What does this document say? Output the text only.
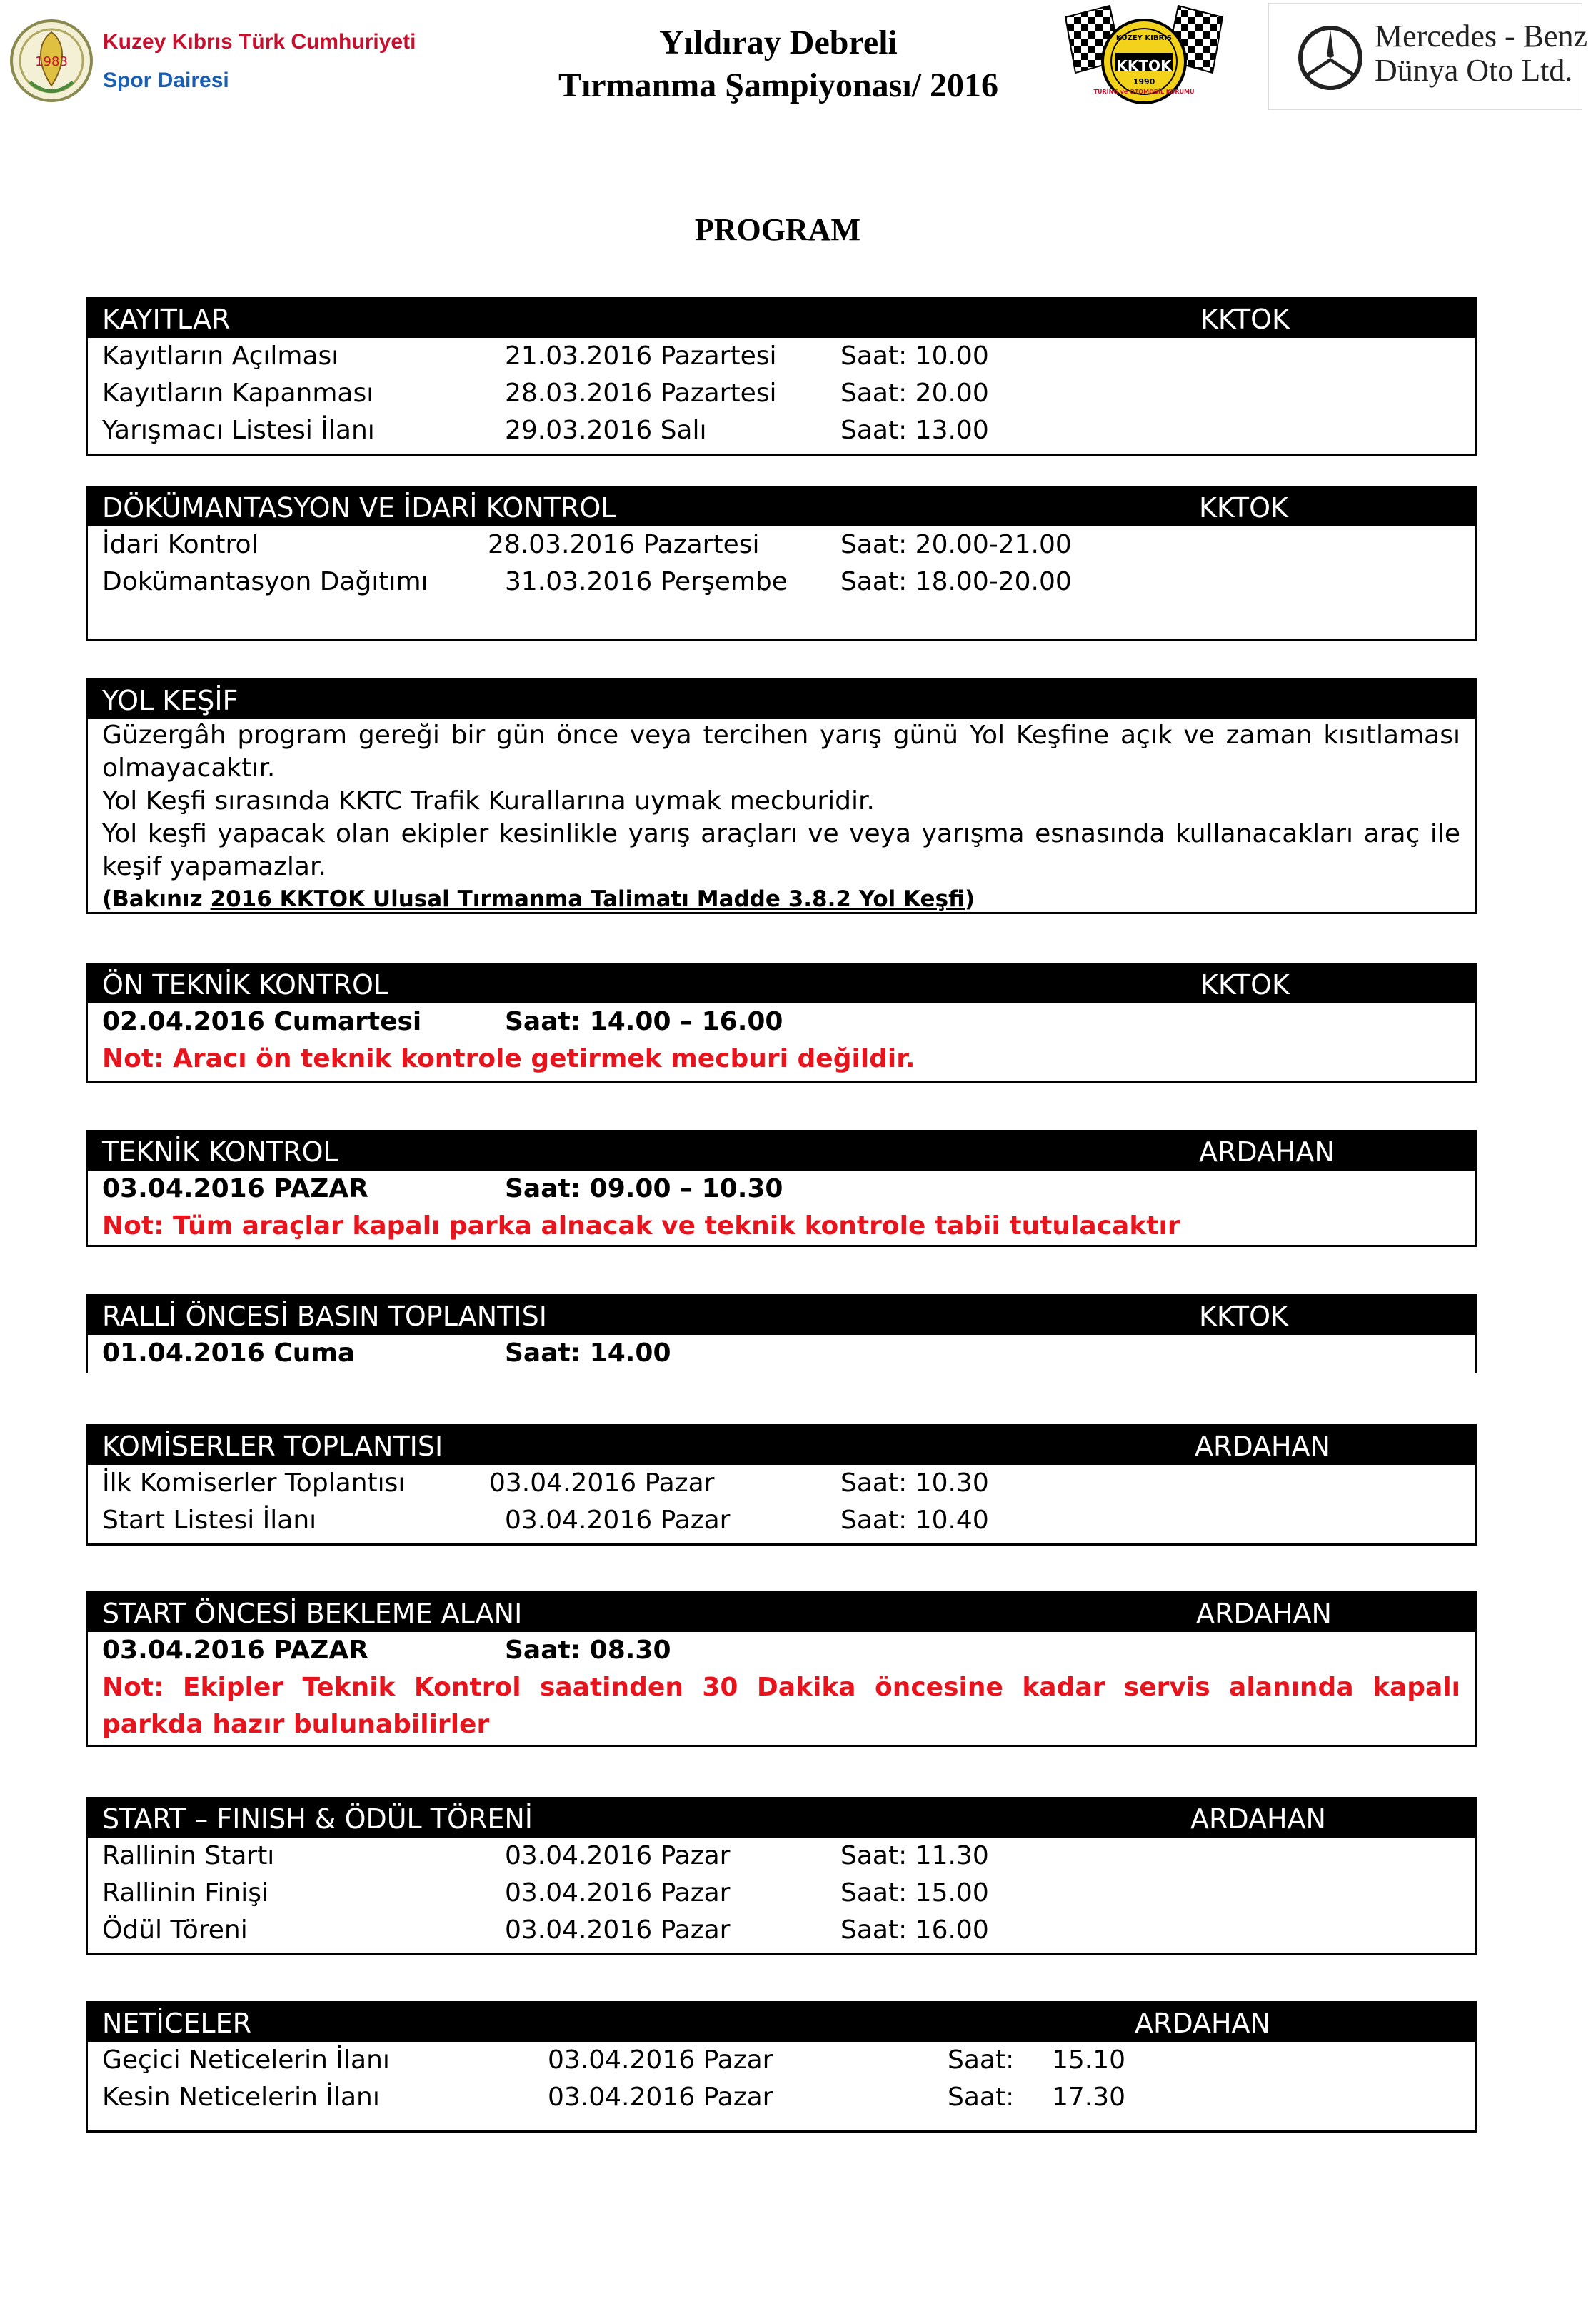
1983
Kuzey Kıbrıs Türk Cumhuriyeti
Spor Dairesi
Yıldıray Debreli
Tırmanma Şampiyonası/ 2016
KUZEY KIBRIS
KKTOK
1990
TURİNG ve OTOMOBİL KURUMU
Mercedes - Benz
Dünya Oto Ltd.
PROGRAM
KAYITLAR	KKTOK
Kayıtların Açılması	21.03.2016 Pazartesi Saat: 10.00
Kayıtların Kapanması	28.03.2016 Pazartesi Saat: 20.00
Yarışmacı Listesi İlanı	29.03.2016 Salı	Saat: 13.00
DÖKÜMANTASYON VE İDARİ KONTROL	KKTOK
İdari Kontrol	28.03.2016 Pazartesi	Saat: 20.00-21.00
Dokümantasyon Dağıtımı	31.03.2016 Perşembe Saat: 18.00-20.00
YOL KEŞİF
Güzergâh program gereği bir gün önce veya tercihen yarış günü Yol Keşfine açık ve zaman kısıtlaması olmayacaktır.
Yol Keşfi sırasında KKTC Trafik Kurallarına uymak mecburidir.
Yol keşfi yapacak olan ekipler kesinlikle yarış araçları ve veya yarışma esnasında kullanacakları araç ile keşif yapamazlar.
(Bakınız 2016 KKTOK Ulusal Tırmanma Talimatı Madde 3.8.2 Yol Keşfi)
ÖN TEKNİK KONTROL	KKTOK
02.04.2016 Cumartesi	Saat: 14.00 – 16.00
Not: Aracı ön teknik kontrole getirmek mecburi değildir.
TEKNİK KONTROL	ARDAHAN
03.04.2016 PAZAR	Saat: 09.00 – 10.30
Not: Tüm araçlar kapalı parka alnacak ve teknik kontrole tabii tutulacaktır
RALLİ ÖNCESİ BASIN TOPLANTISI	KKTOK
01.04.2016 Cuma	Saat: 14.00
KOMİSERLER TOPLANTISI	ARDAHAN
İlk Komiserler Toplantısı	03.04.2016 Pazar	Saat: 10.30
Start Listesi İlanı	03.04.2016 Pazar	Saat: 10.40
START ÖNCESİ BEKLEME ALANI	ARDAHAN
03.04.2016 PAZAR	Saat: 08.30
Not: Ekipler Teknik Kontrol saatinden 30 Dakika öncesine kadar servis alanında kapalı parkda hazır bulunabilirler
START – FINISH & ÖDÜL TÖRENİ	ARDAHAN
Rallinin Startı	03.04.2016 Pazar	Saat: 11.30
Rallinin Finişi	03.04.2016 Pazar	Saat: 15.00
Ödül Töreni	03.04.2016 Pazar	Saat: 16.00
NETİCELER	ARDAHAN
Geçici Neticelerin İlanı	03.04.2016 Pazar	Saat: 15.10
Kesin Neticelerin İlanı	03.04.2016 Pazar	Saat: 17.30
